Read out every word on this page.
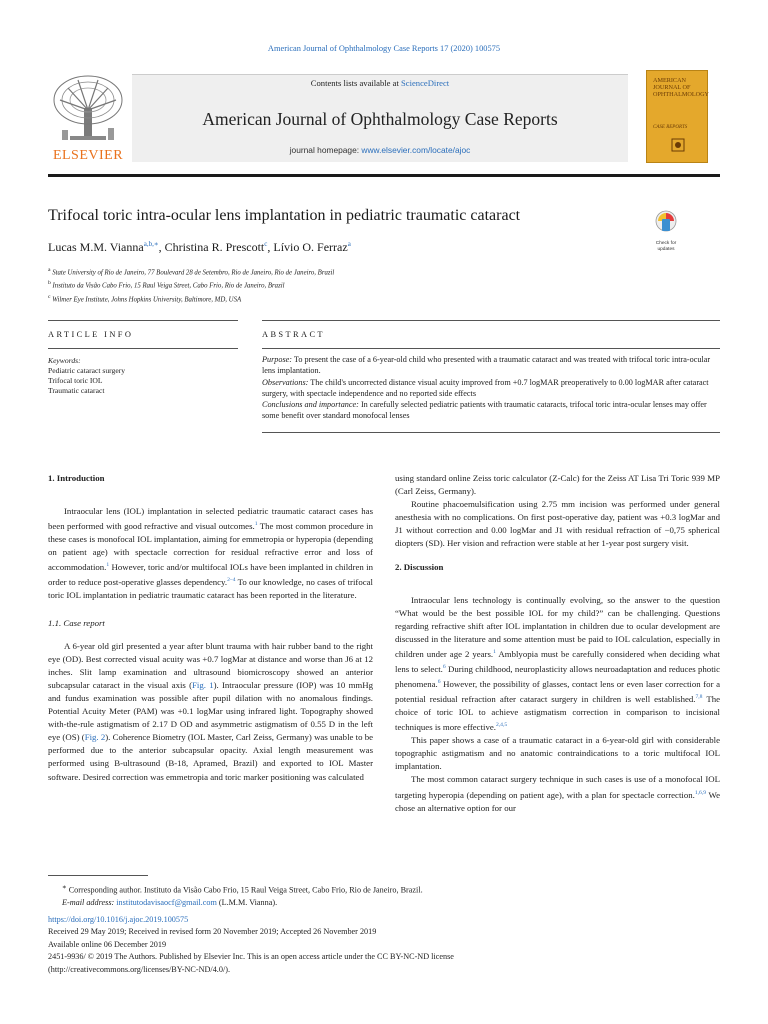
American Journal of Ophthalmology Case Reports 17 (2020) 100575
ELSEVIER
Contents lists available at ScienceDirect
American Journal of Ophthalmology Case Reports
journal homepage: www.elsevier.com/locate/ajoc
AMERICAN
JOURNAL OF
OPHTHALMOLOGY
CASE REPORTS
Trifocal toric intra-ocular lens implantation in pediatric traumatic cataract
Check for
updates
Lucas M.M. Vianna$^{a,b,∗}$, Christina R. Prescott$^c$, Lívio O. Ferraz$^a$
$^a$ State University of Rio de Janeiro, 77 Boulevard 28 de Setembro, Rio de Janeiro, Rio de Janeiro, Brazil
$^b$ Instituto da Visão Cabo Frio, 15 Raul Veiga Street, Cabo Frio, Rio de Janeiro, Brazil
$^c$ Wilmer Eye Institute, Johns Hopkins University, Baltimore, MD, USA
ARTICLE INFO	ABSTRACT
Keywords:
Pediatric cataract surgery
Trifocal toric IOL
Traumatic cataract
Purpose: To present the case of a 6-year-old child who presented with a traumatic cataract and was treated with trifocal toric intra-ocular lens implantation.
Observations: The child's uncorrected distance visual acuity improved from +0.7 logMAR preoperatively to 0.00 logMAR after cataract surgery, with spectacle independence and no reported side effects
Conclusions and importance: In carefully selected pediatric patients with traumatic cataracts, trifocal toric intra-ocular lenses may offer some benefit over standard monofocal lenses
1. Introduction

Intraocular lens (IOL) implantation in selected pediatric traumatic cataract cases has been performed with good refractive and visual outcomes.$^1$ The most common procedure in these cases is monofocal IOL implantation, aiming for emmetropia or hyperopia (depending on patient age) with spectacle correction for residual refractive error and loss of accommodation.$^1$ However, toric and/or multifocal IOLs have been implanted in children in order to reduce post-operative glasses dependency.$^{2-4}$ To our knowledge, no cases of trifocal toric IOL implantation in pediatric traumatic cataract has been reported in the literature.

1.1. Case report

A 6-year old girl presented a year after blunt trauma with hair rubber band to the right eye (OD). Best corrected visual acuity was +0.7 logMar at distance and worse than J6 at 12 inches. Slit lamp examination and ultrasound biomicroscopy showed an anterior subcapsular cataract in the visual axis (Fig. 1). Intraocular pressure (IOP) was 10 mmHg and fundus examination was possible after pupil dilation with no anomalous findings. Potential Acuity Meter (PAM) was +0.1 logMar using infrared light. Topography showed with-the-rule astigmatism of 2.17 D OD and asymmetric astigmatism of 0.55 D in the left eye (OS) (Fig. 2). Coherence Biometry (IOL Master, Carl Zeiss, Germany) was unable to be performed due to the anterior subcapsular opacity. Axial length measurement was performed using B-ultrasound (B-18, Apramed, Brazil) and exported to IOL Master software. Desired correction was emmetropia and toric marker positioning was calculated

using standard online Zeiss toric calculator (Z-Calc) for the Zeiss AT Lisa Tri Toric 939 MP (Carl Zeiss, Germany).

Routine phacoemulsification using 2.75 mm incision was performed under general anesthesia with no complications. On first post-operative day, patient was +0.3 logMar and J1 without correction and 0.00 logMar and J1 with residual refraction of −0,75 spherical diopters (SD). Her vision and refraction were stable at her 1-year post surgery visit.

2. Discussion

Intraocular lens technology is continually evolving, so the answer to the question “What would be the best possible IOL for my child?” can be challenging. Questions regarding refractive shift after IOL implantation in children due to ocular development are discussed in the literature and some attention must be paid to IOL calculation, especially in children under age 2 years.$^1$ Amblyopia must be carefully considered when deciding what lens to select.$^6$ During childhood, neuroplasticity allows neuroadaptation and reduces photic phenomena.$^6$ However, the possibility of glasses, contact lens or even laser correction for a potential residual refraction after cataract surgery in children is well established.$^{7,8}$ The choice of toric IOL to achieve astigmatism correction in comparison to incisional techniques is more effective.$^{2,4,5}$

This paper shows a case of a traumatic cataract in a 6-year-old girl with considerable topographic astigmatism and no anatomic contraindications to a toric multifocal IOL implantation.

The most common cataract surgery technique in such cases is use of a monofocal IOL targeting hyperopia (depending on patient age), with a plan for spectacle correction.$^{1,6,9}$ We chose an alternative option for our

∗ Corresponding author. Instituto da Visão Cabo Frio, 15 Raul Veiga Street, Cabo Frio, Rio de Janeiro, Brazil.
E-mail address: institutodavisaocf@gmail.com (L.M.M. Vianna).
https://doi.org/10.1016/j.ajoc.2019.100575
Received 29 May 2019; Received in revised form 20 November 2019; Accepted 26 November 2019
Available online 06 December 2019
2451-9936/ © 2019 The Authors. Published by Elsevier Inc. This is an open access article under the CC BY-NC-ND license
(http://creativecommons.org/licenses/BY-NC-ND/4.0/).
